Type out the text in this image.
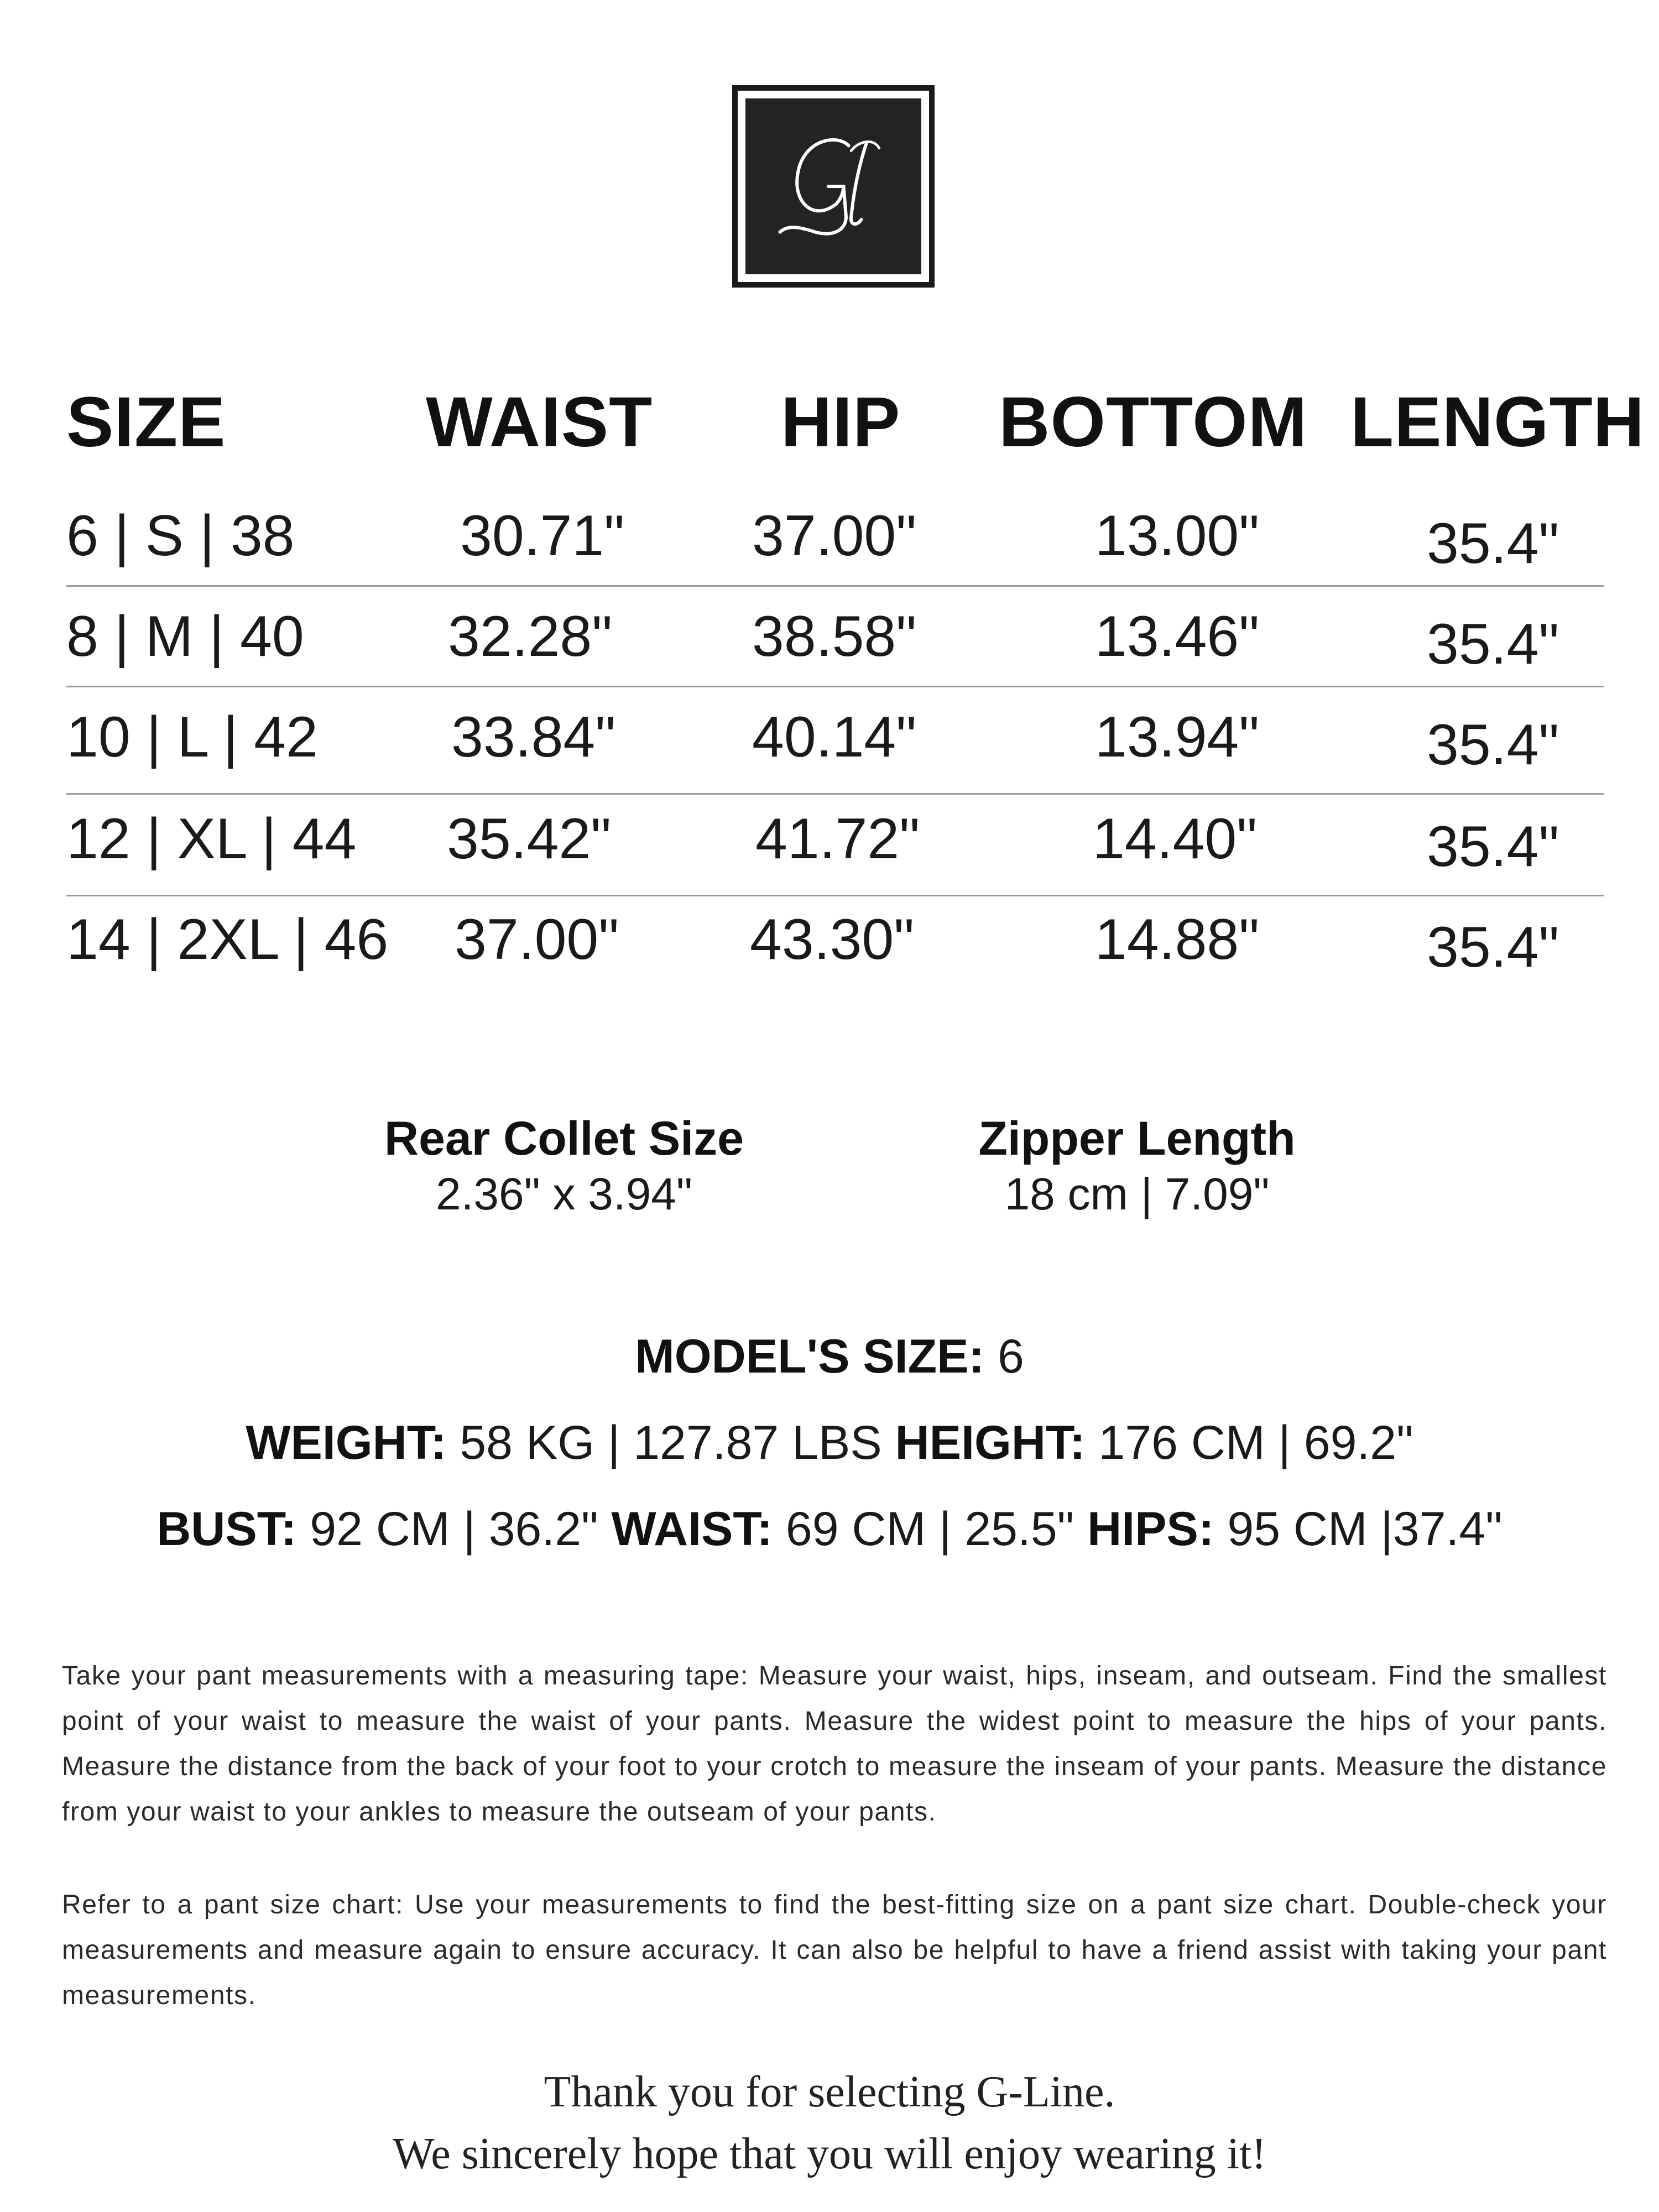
SIZE	WAIST HIP BOTTOM LENGTH
6 | S | 38	30.71" 37.00"	13.00"	35.4"
8 | M | 40	32.28" 38.58"	13.46"	35.4"
10 | L | 42 33.84" 40.14"	13.94"	35.4"
12 | XL | 44 35.42"	41.72"	14.40"	35.4"
14 | 2XL | 46 37.00" 43.30"	14.88"	35.4"
Rear Collet Size
2.36" x 3.94"
Zipper Length
18 cm | 7.09"
MODEL'S SIZE: 6
WEIGHT: 58 KG | 127.87 LBS HEIGHT: 176 CM | 69.2"
BUST: 92 CM | 36.2" WAIST: 69 CM | 25.5" HIPS: 95 CM |37.4"
Take your pant measurements with a measuring tape: Measure your waist, hips, inseam, and outseam. Find the smallest point of your waist to measure the waist of your pants. Measure the widest point to measure the hips of your pants. Measure the distance from the back of your foot to your crotch to measure the inseam of your pants. Measure the distance from your waist to your ankles to measure the outseam of your pants.
Refer to a pant size chart: Use your measurements to find the best-fitting size on a pant size chart. Double-check your measurements and measure again to ensure accuracy. It can also be helpful to have a friend assist with taking your pant measurements.
Thank you for selecting G-Line.
We sincerely hope that you will enjoy wearing it!
